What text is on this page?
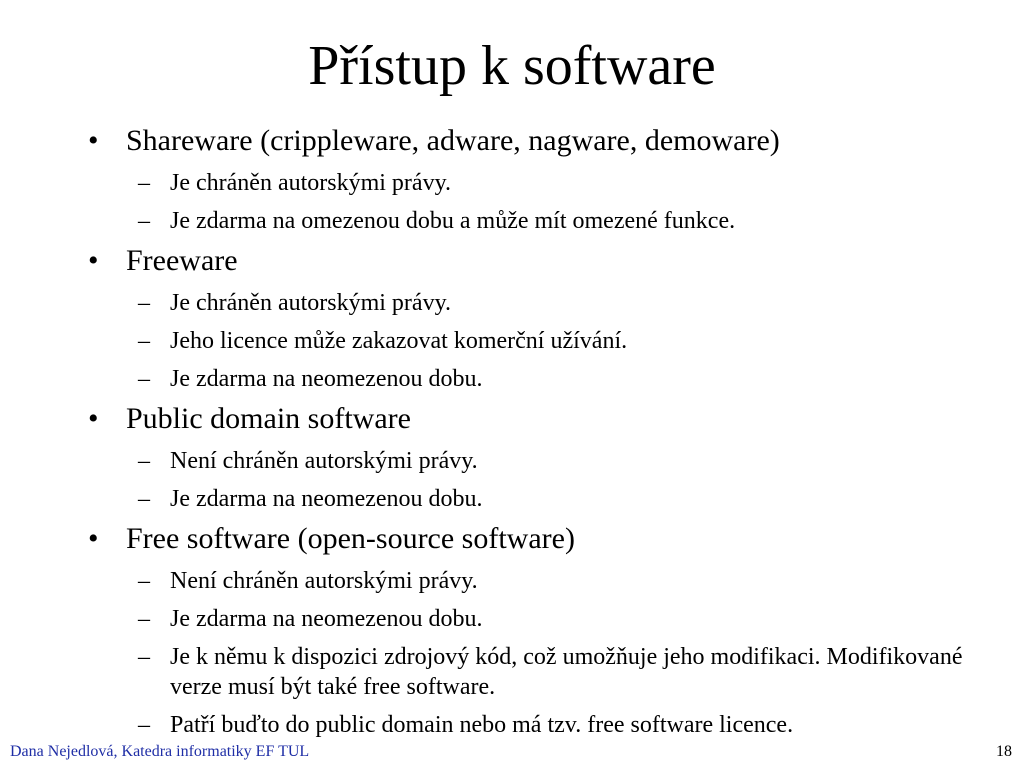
Přístup k software
• Shareware (crippleware, adware, nagware, demoware)
– Je chráněn autorskými právy.
– Je zdarma na omezenou dobu a může mít omezené funkce.
• Freeware
– Je chráněn autorskými právy.
– Jeho licence může zakazovat komerční užívání.
– Je zdarma na neomezenou dobu.
• Public domain software
– Není chráněn autorskými právy.
– Je zdarma na neomezenou dobu.
• Free software (open-source software)
– Není chráněn autorskými právy.
– Je zdarma na neomezenou dobu.
– Je k němu k dispozici zdrojový kód, což umožňuje jeho modifikaci. Modifikované verze musí být také free software.
– Patří buďto do public domain nebo má tzv. free software licence.
Dana Nejedlová, Katedra informatiky EF TUL	18
